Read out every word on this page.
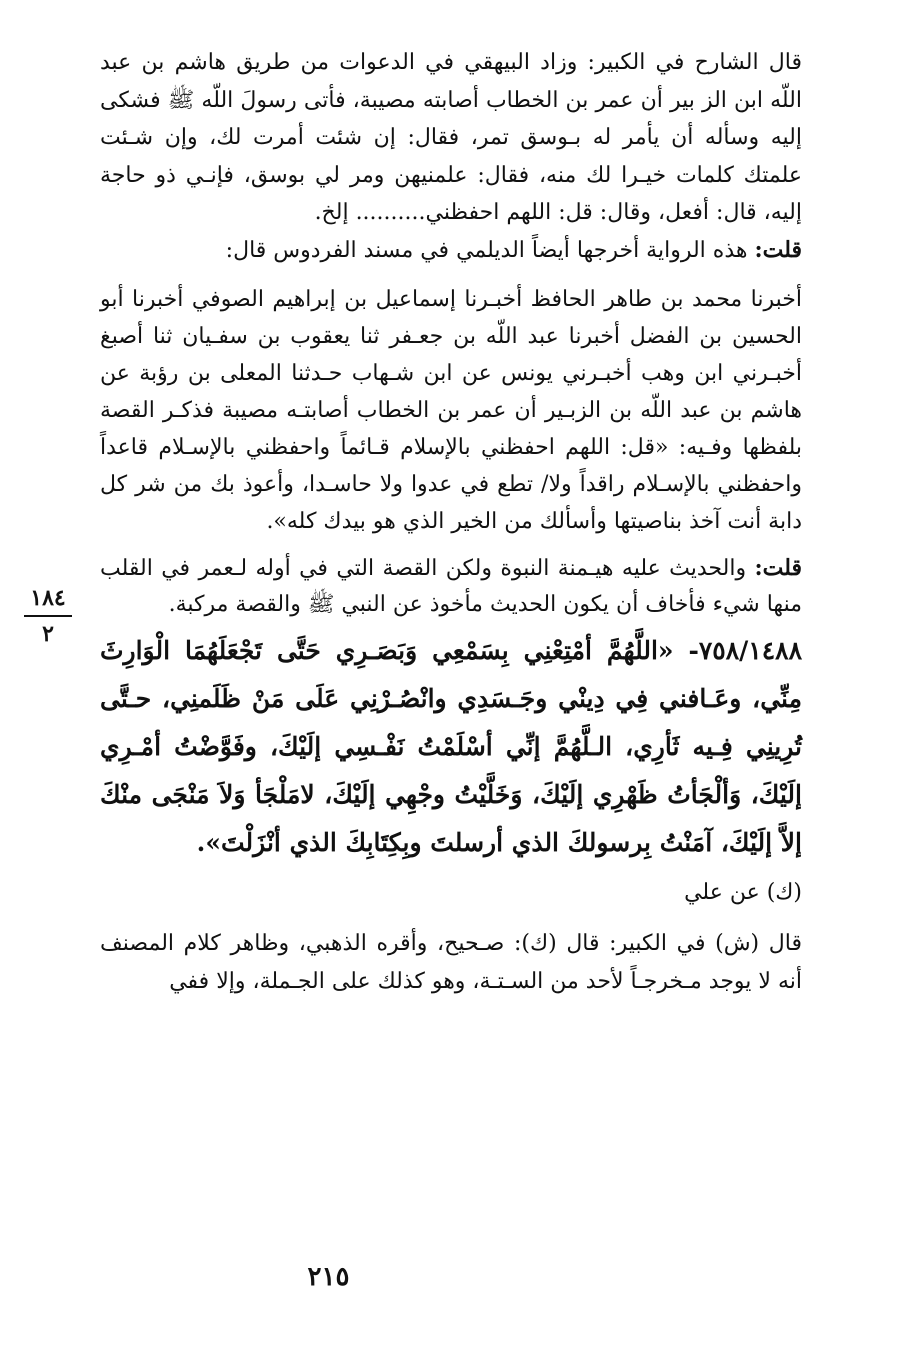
قال الشارح في الكبير: وزاد البيهقي في الدعوات من طريق هاشم بن عبد اللّه ابن الز بير أن عمر بن الخطاب أصابته مصيبة، فأتى رسولَ اللّه ﷺ فشكى إليه وسأله أن يأمر له بـوسق تمر، فقال: إن شئت أمرت لك، وإن شـئت علمتك كلمات خيـرا لك منه، فقال: علمنيهن ومر لي بوسق، فإنـي ذو حاجة إليه، قال: أفعل، وقال: قل: اللهم احفظني.......... إلخ.

قلت: هذه الرواية أخرجها أيضاً الديلمي في مسند الفردوس قال:

أخبرنا محمد بن طاهر الحافظ أخبـرنا إسماعيل بن إبراهيم الصوفي أخبرنا أبو الحسين بن الفضل أخبرنا عبد اللّه بن جعـفر ثنا يعقوب بن سفـيان ثنا أصبغ أخبـرني ابن وهب أخبـرني يونس عن ابن شـهاب حـدثنا المعلى بن رؤبة عن هاشم بن عبد اللّه بن الزبـير أن عمر بن الخطاب أصابتـه مصيبة فذكـر القصة بلفظها وفـيه: «قل: اللهم احفظني بالإسلام قـائماً واحفظني بالإسـلام قاعداً واحفظني بالإسـلام راقداً ولا/ تطع في عدوا ولا حاسـدا، وأعوذ بك من شر كل دابة أنت آخذ بناصيتها وأسألك من الخير الذي هو بيدك كله».

قلت: والحديث عليه هيـمنة النبوة ولكن القصة التي في أوله لـعمر في القلب منها شيء فأخاف أن يكون الحديث مأخوذ عن النبي ﷺ والقصة مركبة.

٧٥٨/١٤٨٨- «اللَّهُمَّ أمْتِعْنِي بِسَمْعِي وَبَصَـرِي حَتَّى تَجْعَلَهُمَا الْوَارِثَ مِنِّي، وعَـافني فِي دِينْي وجَـسَدِي وانْصُـرْنِي عَلَى مَنْ ظَلَمنِي، حـتَّى تُرِينِي فِـيه ثَأرِي، الـلَّهُمَّ إنِّي أسْلَمْتُ نَفْـسِي إلَيْكَ، وفَوَّضْتُ أمْـرِي إلَيْكَ، وَألْجَأتُ ظَهْرِي إلَيْكَ، وَخَلَّيْتُ وجْهِي إلَيْكَ، لامَلْجَأ وَلاَ مَنْجَى منْكَ إلاَّ إلَيْكَ، آمَنْتُ بِرسولكَ الذي أرسلتَ وبِكِتَابِكَ الذي أنْزَلْتَ».

(ك) عن علي

قال (ش) في الكبير: قال (ك): صـحيح، وأقره الذهبي، وظاهر كلام المصنف أنه لا يوجد مـخرجـاً لأحد من السـتـة، وهو كذلك على الجـملة، وإلا ففي

١٨٤
٢
٢١٥
